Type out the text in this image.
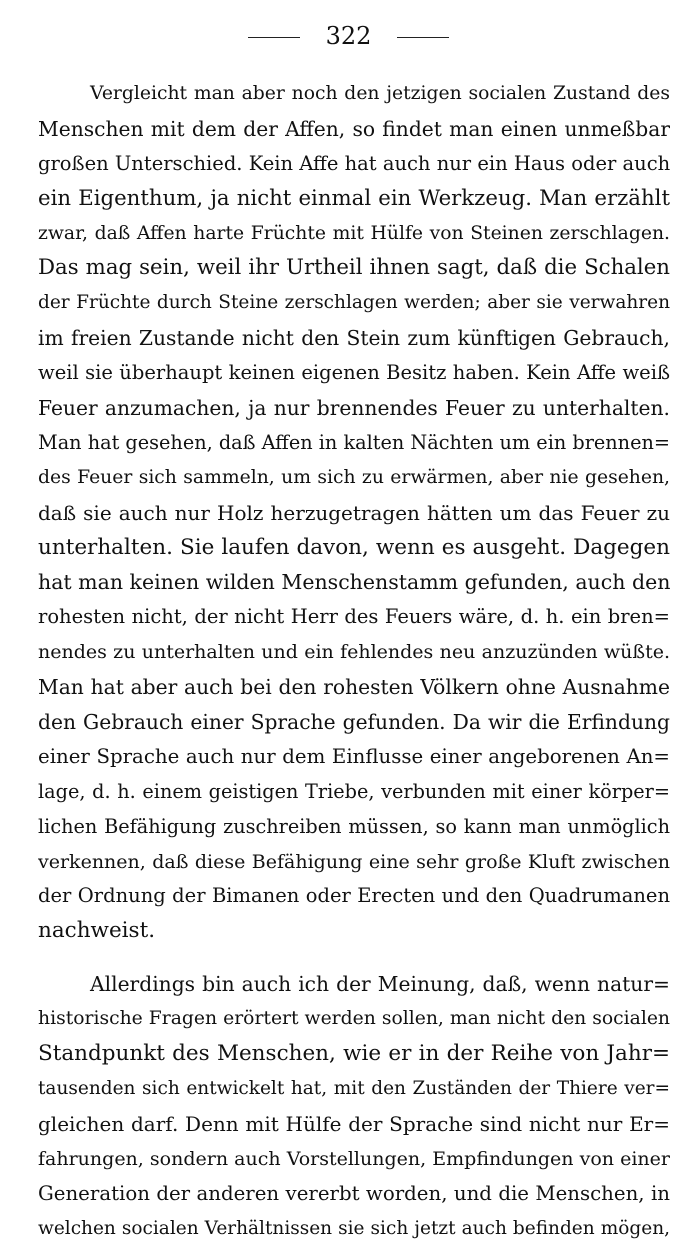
322
Vergleicht man aber noch den jetzigen socialen Zustand des
Menschen mit dem der Affen, so findet man einen unmeßbar
großen Unterschied. Kein Affe hat auch nur ein Haus oder auch
ein Eigenthum, ja nicht einmal ein Werkzeug. Man erzählt
zwar, daß Affen harte Früchte mit Hülfe von Steinen zerschlagen.
Das mag sein, weil ihr Urtheil ihnen sagt, daß die Schalen
der Früchte durch Steine zerschlagen werden; aber sie verwahren
im freien Zustande nicht den Stein zum künftigen Gebrauch,
weil sie überhaupt keinen eigenen Besitz haben. Kein Affe weiß
Feuer anzumachen, ja nur brennendes Feuer zu unterhalten.
Man hat gesehen, daß Affen in kalten Nächten um ein brennen=
des Feuer sich sammeln, um sich zu erwärmen, aber nie gesehen,
daß sie auch nur Holz herzugetragen hätten um das Feuer zu
unterhalten. Sie laufen davon, wenn es ausgeht. Dagegen
hat man keinen wilden Menschenstamm gefunden, auch den
rohesten nicht, der nicht Herr des Feuers wäre, d. h. ein bren=
nendes zu unterhalten und ein fehlendes neu anzuzünden wüßte.
Man hat aber auch bei den rohesten Völkern ohne Ausnahme
den Gebrauch einer Sprache gefunden. Da wir die Erfindung
einer Sprache auch nur dem Einflusse einer angeborenen An=
lage, d. h. einem geistigen Triebe, verbunden mit einer körper=
lichen Befähigung zuschreiben müssen, so kann man unmöglich
verkennen, daß diese Befähigung eine sehr große Kluft zwischen
der Ordnung der Bimanen oder Erecten und den Quadrumanen
nachweist.
Allerdings bin auch ich der Meinung, daß, wenn natur=
historische Fragen erörtert werden sollen, man nicht den socialen
Standpunkt des Menschen, wie er in der Reihe von Jahr=
tausenden sich entwickelt hat, mit den Zuständen der Thiere ver=
gleichen darf. Denn mit Hülfe der Sprache sind nicht nur Er=
fahrungen, sondern auch Vorstellungen, Empfindungen von einer
Generation der anderen vererbt worden, und die Menschen, in
welchen socialen Verhältnissen sie sich jetzt auch befinden mögen,
